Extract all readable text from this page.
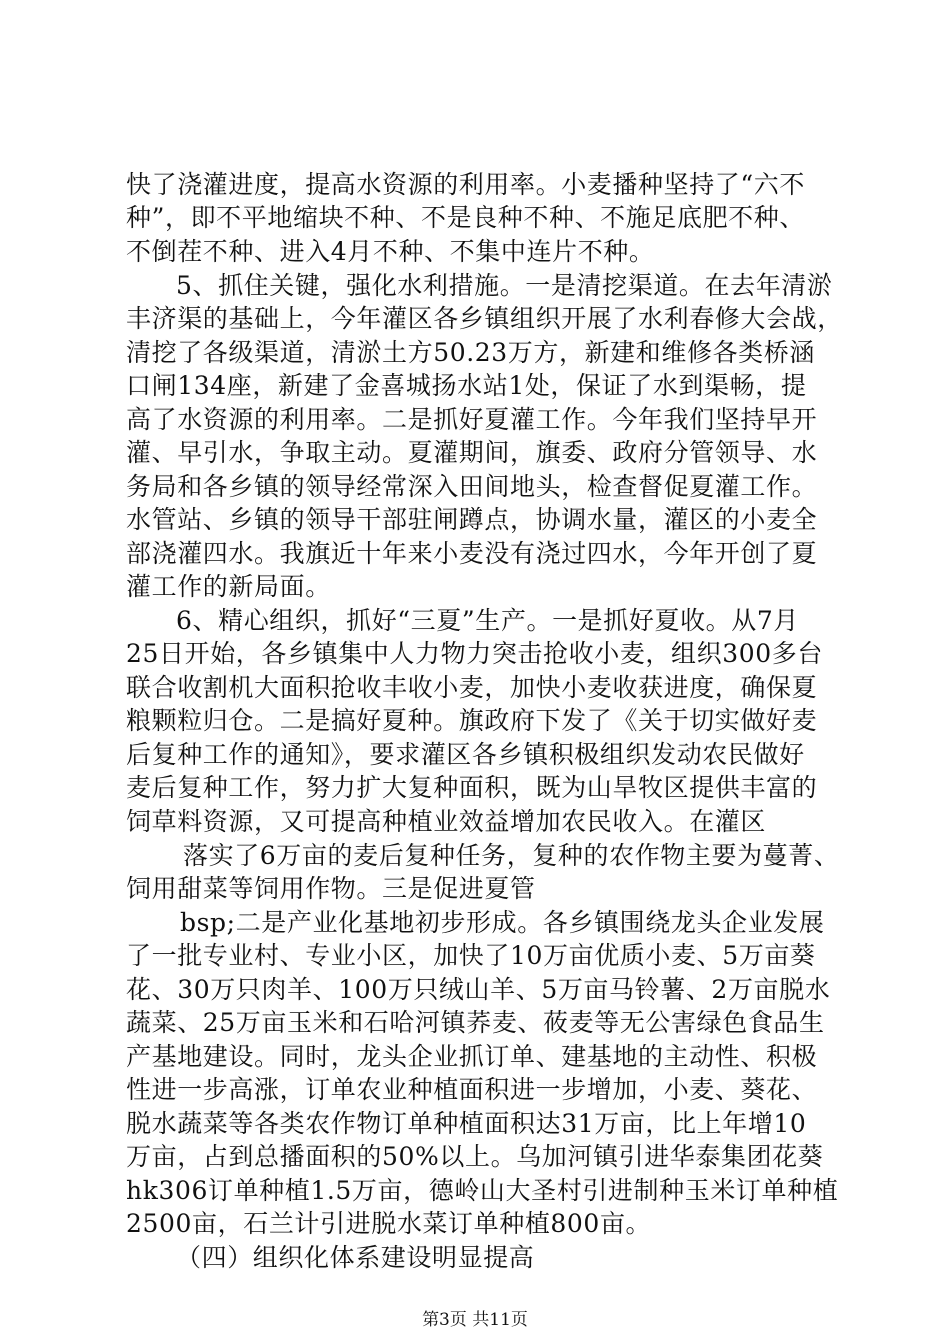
快了浇灌进度，提高水资源的利用率。小麦播种坚持了“六不
种”，即不平地缩块不种、不是良种不种、不施足底肥不种、
不倒茬不种、进入4月不种、不集中连片不种。
5、抓住关键，强化水利措施。一是清挖渠道。在去年清淤
丰济渠的基础上，今年灌区各乡镇组织开展了水利春修大会战，
清挖了各级渠道，清淤土方50.23万方，新建和维修各类桥涵
口闸134座，新建了金喜城扬水站1处，保证了水到渠畅，提
高了水资源的利用率。二是抓好夏灌工作。今年我们坚持早开
灌、早引水，争取主动。夏灌期间，旗委、政府分管领导、水
务局和各乡镇的领导经常深入田间地头，检查督促夏灌工作。
水管站、乡镇的领导干部驻闸蹲点，协调水量，灌区的小麦全
部浇灌四水。我旗近十年来小麦没有浇过四水，今年开创了夏
灌工作的新局面。
6、精心组织，抓好“三夏”生产。一是抓好夏收。从7月
25日开始，各乡镇集中人力物力突击抢收小麦，组织300多台
联合收割机大面积抢收丰收小麦，加快小麦收获进度，确保夏
粮颗粒归仓。二是搞好夏种。旗政府下发了《关于切实做好麦
后复种工作的通知》，要求灌区各乡镇积极组织发动农民做好
麦后复种工作，努力扩大复种面积，既为山旱牧区提供丰富的
饲草料资源，又可提高种植业效益增加农民收入。在灌区
落实了6万亩的麦后复种任务，复种的农作物主要为蔓菁、
饲用甜菜等饲用作物。三是促进夏管
bsp;二是产业化基地初步形成。各乡镇围绕龙头企业发展
了一批专业村、专业小区，加快了10万亩优质小麦、5万亩葵
花、30万只肉羊、100万只绒山羊、5万亩马铃薯、2万亩脱水
蔬菜、25万亩玉米和石哈河镇荞麦、莜麦等无公害绿色食品生
产基地建设。同时，龙头企业抓订单、建基地的主动性、积极
性进一步高涨，订单农业种植面积进一步增加，小麦、葵花、
脱水蔬菜等各类农作物订单种植面积达31万亩，比上年增10
万亩，占到总播面积的50%以上。乌加河镇引进华泰集团花葵
hk306订单种植1.5万亩，德岭山大圣村引进制种玉米订单种植
2500亩，石兰计引进脱水菜订单种植800亩。
（四）组织化体系建设明显提高
第3页 共11页
